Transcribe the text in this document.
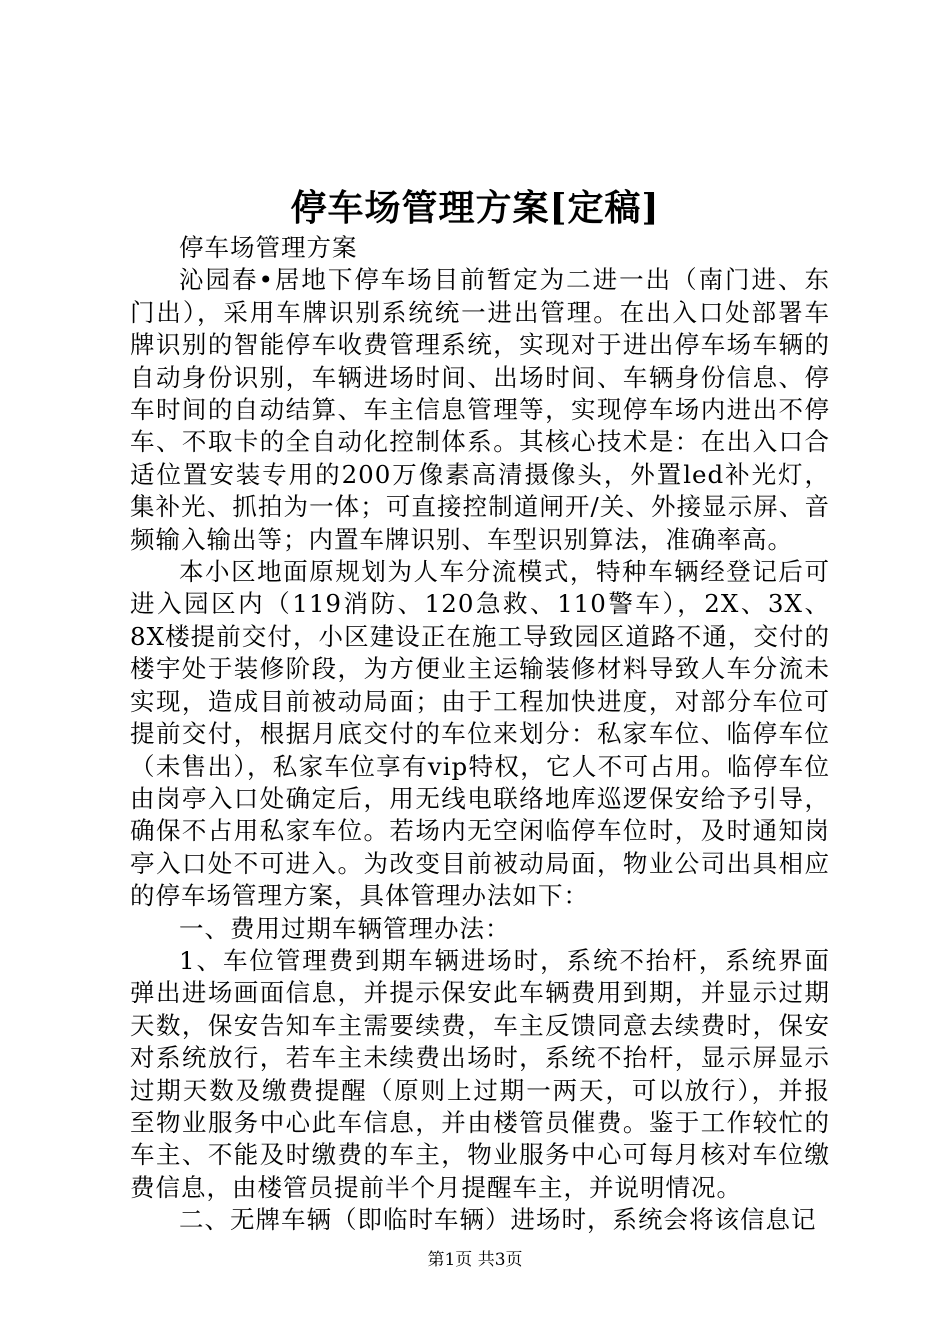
停车场管理方案[定稿]

停车场管理方案

沁园春•居地下停车场目前暂定为二进一出（南门进、东门出），采用车牌识别系统统一进出管理。在出入口处部署车牌识别的智能停车收费管理系统，实现对于进出停车场车辆的自动身份识别，车辆进场时间、出场时间、车辆身份信息、停车时间的自动结算、车主信息管理等，实现停车场内进出不停车、不取卡的全自动化控制体系。其核心技术是：在出入口合适位置安装专用的200万像素高清摄像头，外置led补光灯，集补光、抓拍为一体；可直接控制道闸开/关、外接显示屏、音频输入输出等；内置车牌识别、车型识别算法，准确率高。

本小区地面原规划为人车分流模式，特种车辆经登记后可进入园区内（119消防、120急救、110警车），2X、3X、8X楼提前交付，小区建设正在施工导致园区道路不通，交付的楼宇处于装修阶段，为方便业主运输装修材料导致人车分流未实现，造成目前被动局面；由于工程加快进度，对部分车位可提前交付，根据月底交付的车位来划分：私家车位、临停车位（未售出），私家车位享有vip特权，它人不可占用。临停车位由岗亭入口处确定后，用无线电联络地库巡逻保安给予引导，确保不占用私家车位。若场内无空闲临停车位时，及时通知岗亭入口处不可进入。为改变目前被动局面，物业公司出具相应的停车场管理方案，具体管理办法如下：

一、费用过期车辆管理办法：

1、车位管理费到期车辆进场时，系统不抬杆，系统界面弹出进场画面信息，并提示保安此车辆费用到期，并显示过期天数，保安告知车主需要续费，车主反馈同意去续费时，保安对系统放行，若车主未续费出场时，系统不抬杆，显示屏显示过期天数及缴费提醒（原则上过期一两天，可以放行），并报至物业服务中心此车信息，并由楼管员催费。鉴于工作较忙的车主、不能及时缴费的车主，物业服务中心可每月核对车位缴费信息，由楼管员提前半个月提醒车主，并说明情况。

二、无牌车辆（即临时车辆）进场时，系统会将该信息记

第1页 共3页
